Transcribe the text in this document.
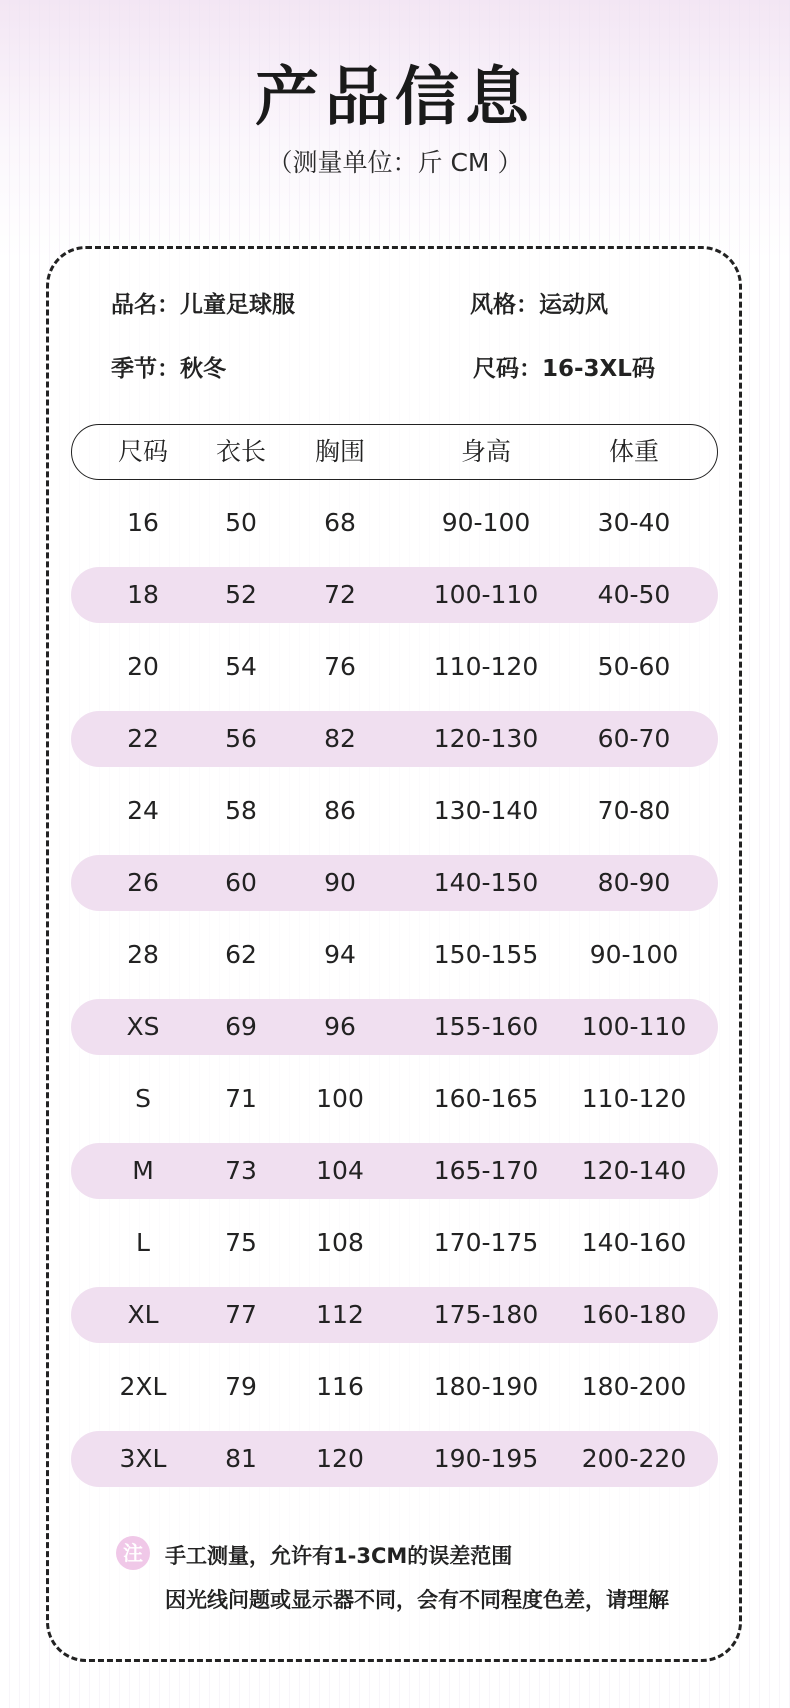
产品信息
（测量单位：斤 CM ）
品名：儿童足球服	风格：运动风
季节：秋冬	尺码：16-3XL码
尺码	衣长	胸围	身高	体重
16	50	68	90-100	30-40
18	52	72	100-110	40-50
20	54	76	110-120	50-60
22	56	82	120-130	60-70
24	58	86	130-140	70-80
26	60	90	140-150	80-90
28	62	94	150-155	90-100
XS	69	96	155-160	100-110
S	71	100	160-165	110-120
M	73	104	165-170	120-140
L	75	108	170-175	140-160
XL	77	112	175-180	160-180
2XL	79	116	180-190	180-200
3XL	81	120	190-195	200-220
注	手工测量，允许有1-3CM的误差范围
因光线问题或显示器不同，会有不同程度色差，请理解
